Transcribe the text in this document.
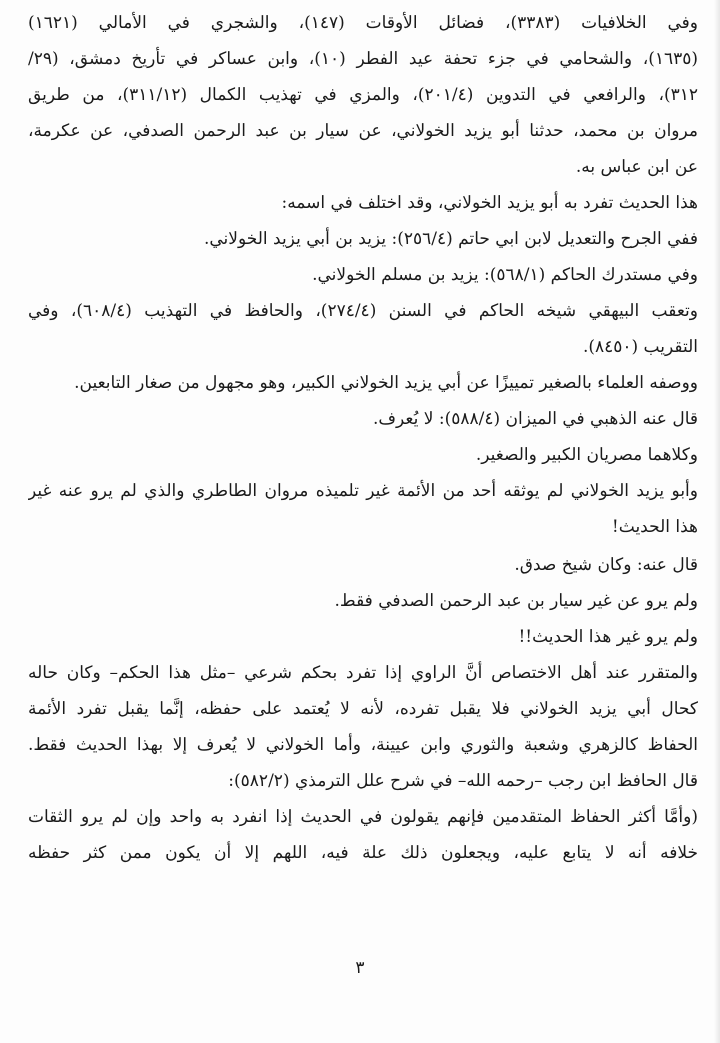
وفي الخلافيات (٣٣٨٣)، فضائل الأوقات (١٤٧)، والشجري في الأمالي (١٦٢١)
(١٦٣٥)، والشحامي في جزء تحفة عيد الفطر (١٠)، وابن عساكر في تأريخ دمشق، (٢٩/
٣١٢)، والرافعي في التدوين (٢٠١/٤)، والمزي في تهذيب الكمال (٣١١/١٢)، من طريق
مروان بن محمد، حدثنا أبو يزيد الخولاني، عن سيار بن عبد الرحمن الصدفي، عن عكرمة،
عن ابن عباس به.
هذا الحديث تفرد به أبو يزيد الخولاني، وقد اختلف في اسمه:
ففي الجرح والتعديل لابن ابي حاتم (٢٥٦/٤): يزيد بن أبي يزيد الخولاني.
وفي مستدرك الحاكم (٥٦٨/١): يزيد بن مسلم الخولاني.
وتعقب البيهقي شيخه الحاكم في السنن (٢٧٤/٤)، والحافظ في التهذيب (٦٠٨/٤)، وفي
التقريب (٨٤٥٠).
ووصفه العلماء بالصغير تمييزًا عن أبي يزيد الخولاني الكبير، وهو مجهول من صغار التابعين.
قال عنه الذهبي في الميزان (٥٨٨/٤): لا يُعرف.
وكلاهما مصريان الكبير والصغير.
وأبو يزيد الخولاني لم يوثقه أحد من الأئمة غير تلميذه مروان الطاطري والذي لم يرو عنه غير
هذا الحديث!
قال عنه: وكان شيخ صدق.
ولم يرو عن غير سيار بن عبد الرحمن الصدفي فقط.
ولم يرو غير هذا الحديث!!
والمتقرر عند أهل الاختصاص أنَّ الراوي إذا تفرد بحكم شرعي –مثل هذا الحكم– وكان حاله
كحال أبي يزيد الخولاني فلا يقبل تفرده، لأنه لا يُعتمد على حفظه، إنَّما يقبل تفرد الأئمة
الحفاظ كالزهري وشعبة والثوري وابن عيينة، وأما الخولاني لا يُعرف إلا بهذا الحديث فقط.
قال الحافظ ابن رجب –رحمه الله– في شرح علل الترمذي (٥٨٢/٢):
(وأمَّا أكثر الحفاظ المتقدمين فإنهم يقولون في الحديث إذا انفرد به واحد وإن لم يرو الثقات
خلافه أنه لا يتابع عليه، ويجعلون ذلك علة فيه، اللهم إلا أن يكون ممن كثر حفظه
٣
